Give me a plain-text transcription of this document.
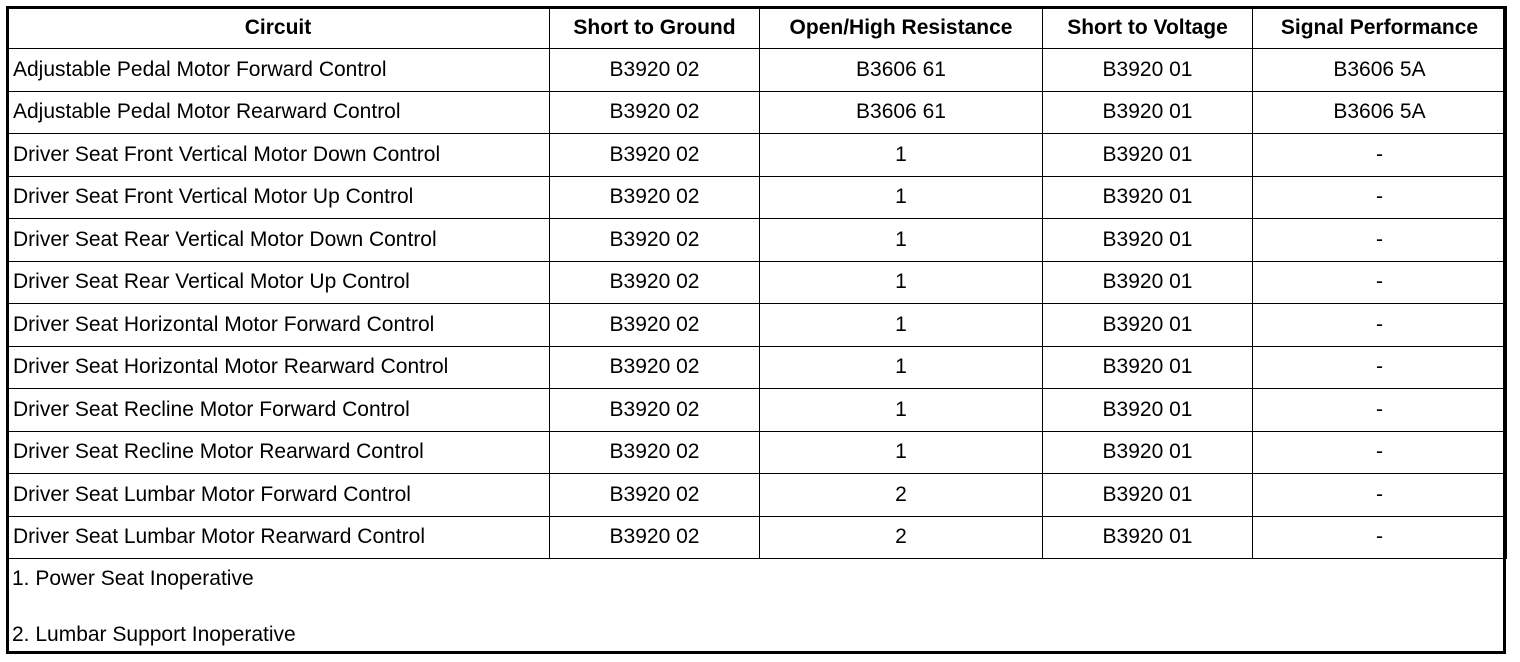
Circuit	Short to Ground	Open/High Resistance	Short to Voltage	Signal Performance
Adjustable Pedal Motor Forward Control	B3920 02	B3606 61	B3920 01	B3606 5A
Adjustable Pedal Motor Rearward Control	B3920 02	B3606 61	B3920 01	B3606 5A
Driver Seat Front Vertical Motor Down Control	B3920 02	1	B3920 01	-
Driver Seat Front Vertical Motor Up Control	B3920 02	1	B3920 01	-
Driver Seat Rear Vertical Motor Down Control	B3920 02	1	B3920 01	-
Driver Seat Rear Vertical Motor Up Control	B3920 02	1	B3920 01	-
Driver Seat Horizontal Motor Forward Control	B3920 02	1	B3920 01	-
Driver Seat Horizontal Motor Rearward Control	B3920 02	1	B3920 01	-
Driver Seat Recline Motor Forward Control	B3920 02	1	B3920 01	-
Driver Seat Recline Motor Rearward Control	B3920 02	1	B3920 01	-
Driver Seat Lumbar Motor Forward Control	B3920 02	2	B3920 01	-
Driver Seat Lumbar Motor Rearward Control	B3920 02	2	B3920 01	-
1. Power Seat Inoperative
2. Lumbar Support Inoperative
